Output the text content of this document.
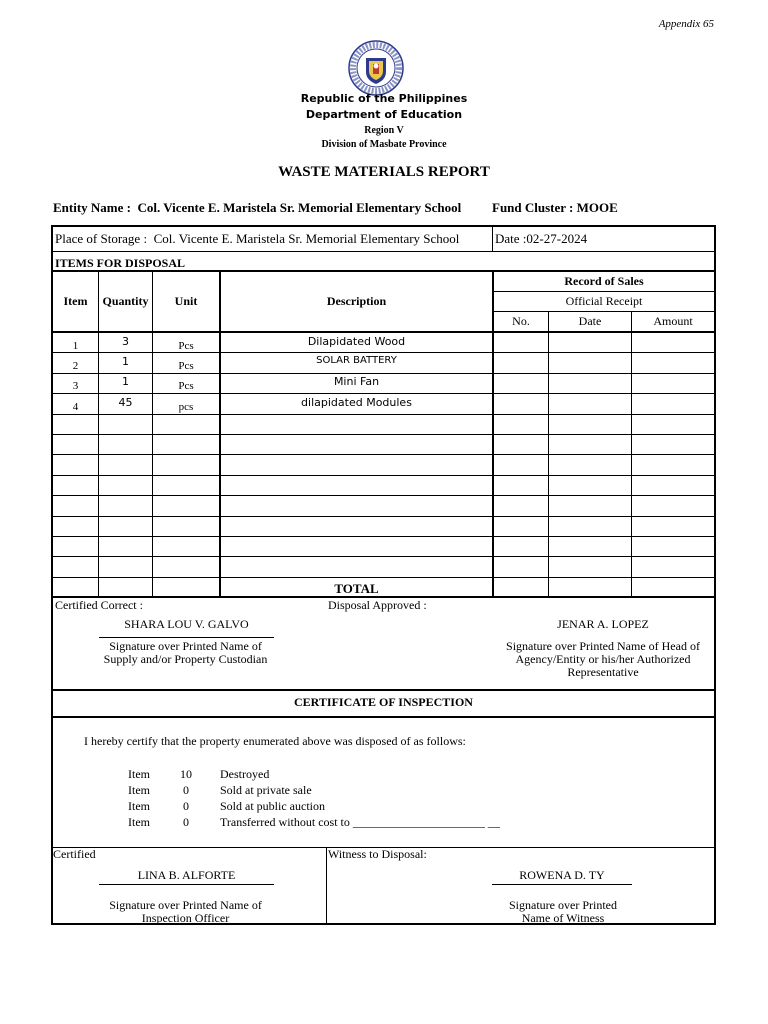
Appendix 65
Republic of the Philippines
Department of Education
Region V
Division of Masbate Province
WASTE MATERIALS REPORT
Entity Name : Col. Vicente E. Maristela Sr. Memorial Elementary School Fund Cluster : MOOE
Place of Storage : Col. Vicente E. Maristela Sr. Memorial Elementary School	Date :02-27-2024
ITEMS FOR DISPOSAL
Item	Quantity	Unit	Description
Record of Sales
Official Receipt
No.	Date	Amount
1	3	Pcs	Dilapidated Wood
2	1	Pcs	SOLAR BATTERY
3	1	Pcs	Mini Fan
4	45	pcs	dilapidated Modules
TOTAL
Certified Correct :	Disposal Approved :
SHARA LOU V. GALVO
Signature over Printed Name of
Supply and/or Property Custodian
JENAR A. LOPEZ
Signature over Printed Name of Head of
Agency/Entity or his/her Authorized
Representative
CERTIFICATE OF INSPECTION
I hereby certify that the property enumerated above was disposed of as follows:
Item	10	Destroyed
Item	0	Sold at private sale
Item	0	Sold at public auction
Item	0	Transferred without cost to ______________________ __
Certified	Witness to Disposal:
LINA B. ALFORTE
Signature over Printed Name of
Inspection Officer
ROWENA D. TY
Signature over Printed
Name of Witness
